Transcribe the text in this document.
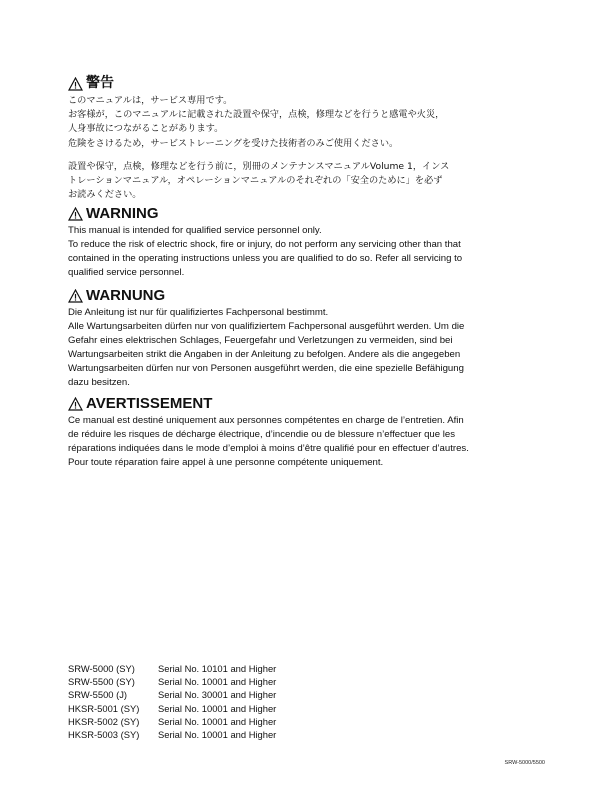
警告

このマニュアルは，サービス専用です。

お客様が，このマニュアルに記載された設置や保守，点検，修理などを行うと感電や火災，

人身事故につながることがあります。

危険をさけるため，サービストレーニングを受けた技術者のみご使用ください。

設置や保守，点検，修理などを行う前に，別冊のメンテナンスマニュアルVolume 1，インス

トレーションマニュアル，オペレーションマニュアルのそれぞれの「安全のために」を必ず

お読みください。

WARNING

This manual is intended for qualified service personnel only.

To reduce the risk of electric shock, fire or injury, do not perform any servicing other than that

contained in the operating instructions unless you are qualified to do so. Refer all servicing to

qualified service personnel.

WARNUNG

Die Anleitung ist nur für qualifiziertes Fachpersonal bestimmt.

Alle Wartungsarbeiten dürfen nur von qualifiziertem Fachpersonal ausgeführt werden. Um die

Gefahr eines elektrischen Schlages, Feuergefahr und Verletzungen zu vermeiden, sind bei

Wartungsarbeiten strikt die Angaben in der Anleitung zu befolgen. Andere als die angegeben

Wartungsarbeiten dürfen nur von Personen ausgeführt werden, die eine spezielle Befähigung

dazu besitzen.

AVERTISSEMENT

Ce manual est destiné uniquement aux personnes compétentes en charge de l’entretien. Afin

de réduire les risques de décharge électrique, d’incendie ou de blessure n’effectuer que les

réparations indiquées dans le mode d’emploi à moins d’être qualifié pour en effectuer d’autres.

Pour toute réparation faire appel à une personne compétente uniquement.

SRW-5000 (SY)	Serial No. 10101 and Higher
SRW-5500 (SY)	Serial No. 10001 and Higher
SRW-5500 (J)	Serial No. 30001 and Higher
HKSR-5001 (SY)	Serial No. 10001 and Higher
HKSR-5002 (SY)	Serial No. 10001 and Higher
HKSR-5003 (SY)	Serial No. 10001 and Higher
SRW-5000/5500
